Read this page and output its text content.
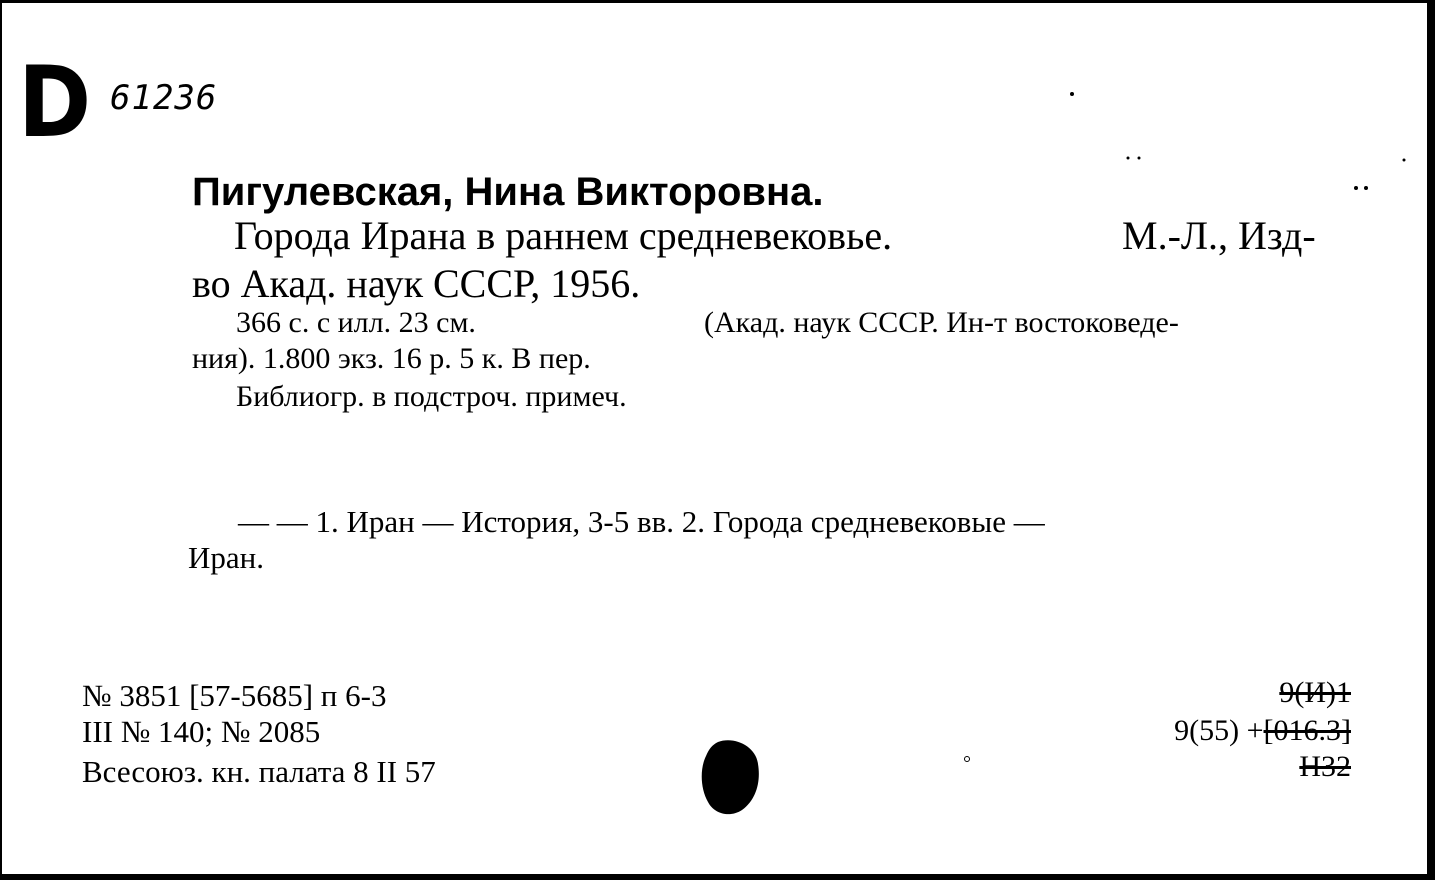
D 61236
Пигулевская, Нина Викторовна.
Города Ирана в раннем средневековье.	М.-Л., Изд-
во Акад. наук СССР, 1956.
366 с. с илл. 23 см.	(Акад. наук СССР. Ин-т востоковеде-
ния). 1.800 экз. 16 р. 5 к. В пер.
Библиогр. в подстроч. примеч.
— — 1. Иран — История, 3-5 вв. 2. Города средневековые —
Иран.
№ 3851 [57-5685] п 6-3
III № 140; № 2085
Всесоюз. кн. палата 8 II 57
9(И)1
9(55) +[016.3]
Н32
